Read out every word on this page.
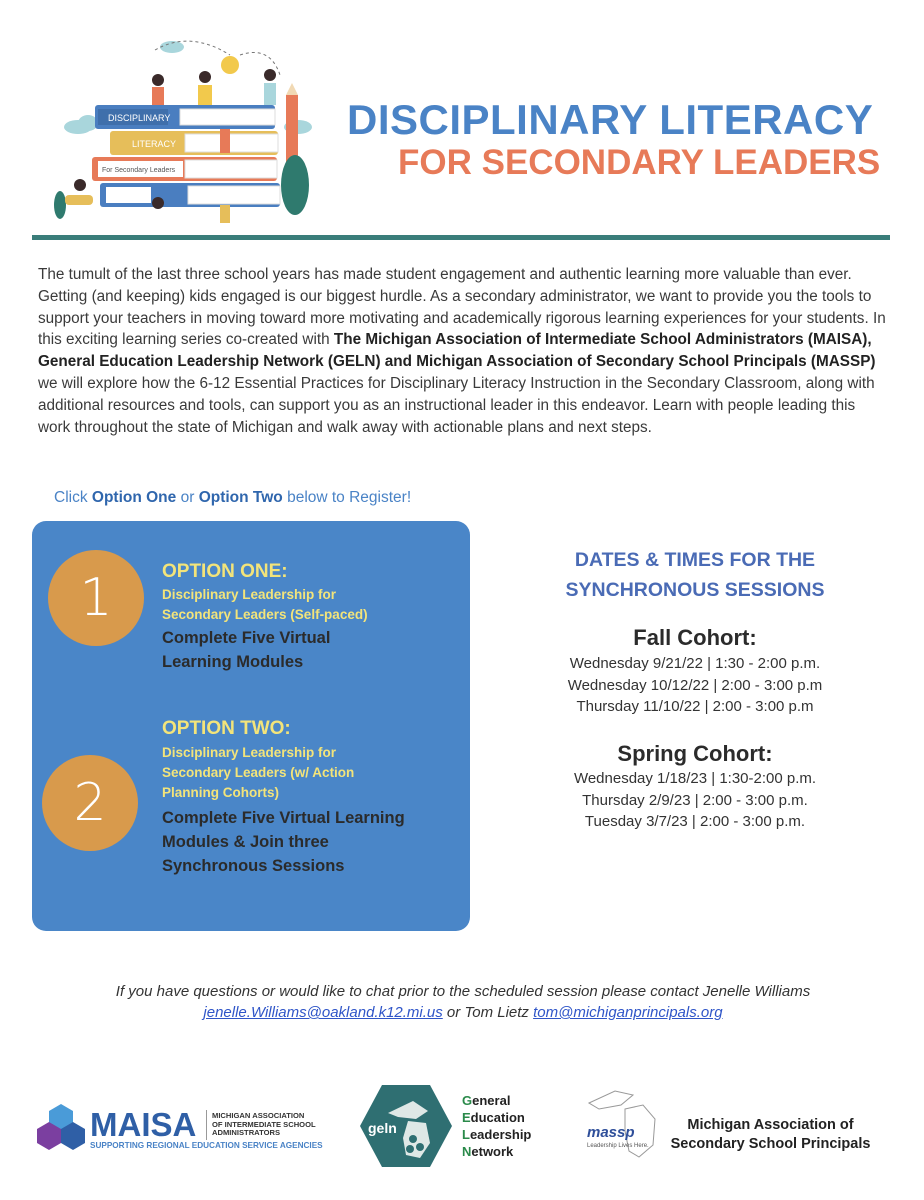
DISCIPLINARY
LITERACY
For Secondary Leaders
DISCIPLINARY LITERACY
FOR SECONDARY LEADERS
The tumult of the last three school years has made student engagement and authentic learning more valuable than ever. Getting (and keeping) kids engaged is our biggest hurdle. As a secondary administrator, we want to provide you the tools to support your teachers in moving toward more motivating and academically rigorous learning experiences for your students. In this exciting learning series co-created with The Michigan Association of Intermediate School Administrators (MAISA), General Education Leadership Network (GELN) and Michigan Association of Secondary School Principals (MASSP) we will explore how the 6-12 Essential Practices for Disciplinary Literacy Instruction in the Secondary Classroom, along with additional resources and tools, can support you as an instructional leader in this endeavor. Learn with people leading this work throughout the state of Michigan and walk away with actionable plans and next steps.
Click Option One or Option Two below to Register!
1	OPTION ONE:
Disciplinary Leadership for Secondary Leaders (Self-paced)
Complete Five Virtual Learning Modules
2
OPTION TWO:
Disciplinary Leadership for Secondary Leaders (w/ Action Planning Cohorts)
Complete Five Virtual Learning Modules & Join three Synchronous Sessions
DATES & TIMES FOR THE
SYNCHRONOUS SESSIONS
Fall Cohort:
Wednesday 9/21/22 | 1:30 - 2:00 p.m.
Wednesday 10/12/22 | 2:00 - 3:00 p.m
Thursday 11/10/22 | 2:00 - 3:00 p.m
Spring Cohort:
Wednesday 1/18/23 | 1:30-2:00 p.m.
Thursday 2/9/23 | 2:00 - 3:00 p.m.
Tuesday 3/7/23 | 2:00 - 3:00 p.m.
If you have questions or would like to chat prior to the scheduled session please contact Jenelle Williams jenelle.Williams@oakland.k12.mi.us or Tom Lietz tom@michiganprincipals.org
MAISA MICHIGAN ASSOCIATION
OF INTERMEDIATE SCHOOL
ADMINISTRATORS
SUPPORTING REGIONAL EDUCATION SERVICE AGENCIES
geln
General
Education
Leadership
Network
massp
Leadership Lives Here.
Michigan Association of
Secondary School Principals
